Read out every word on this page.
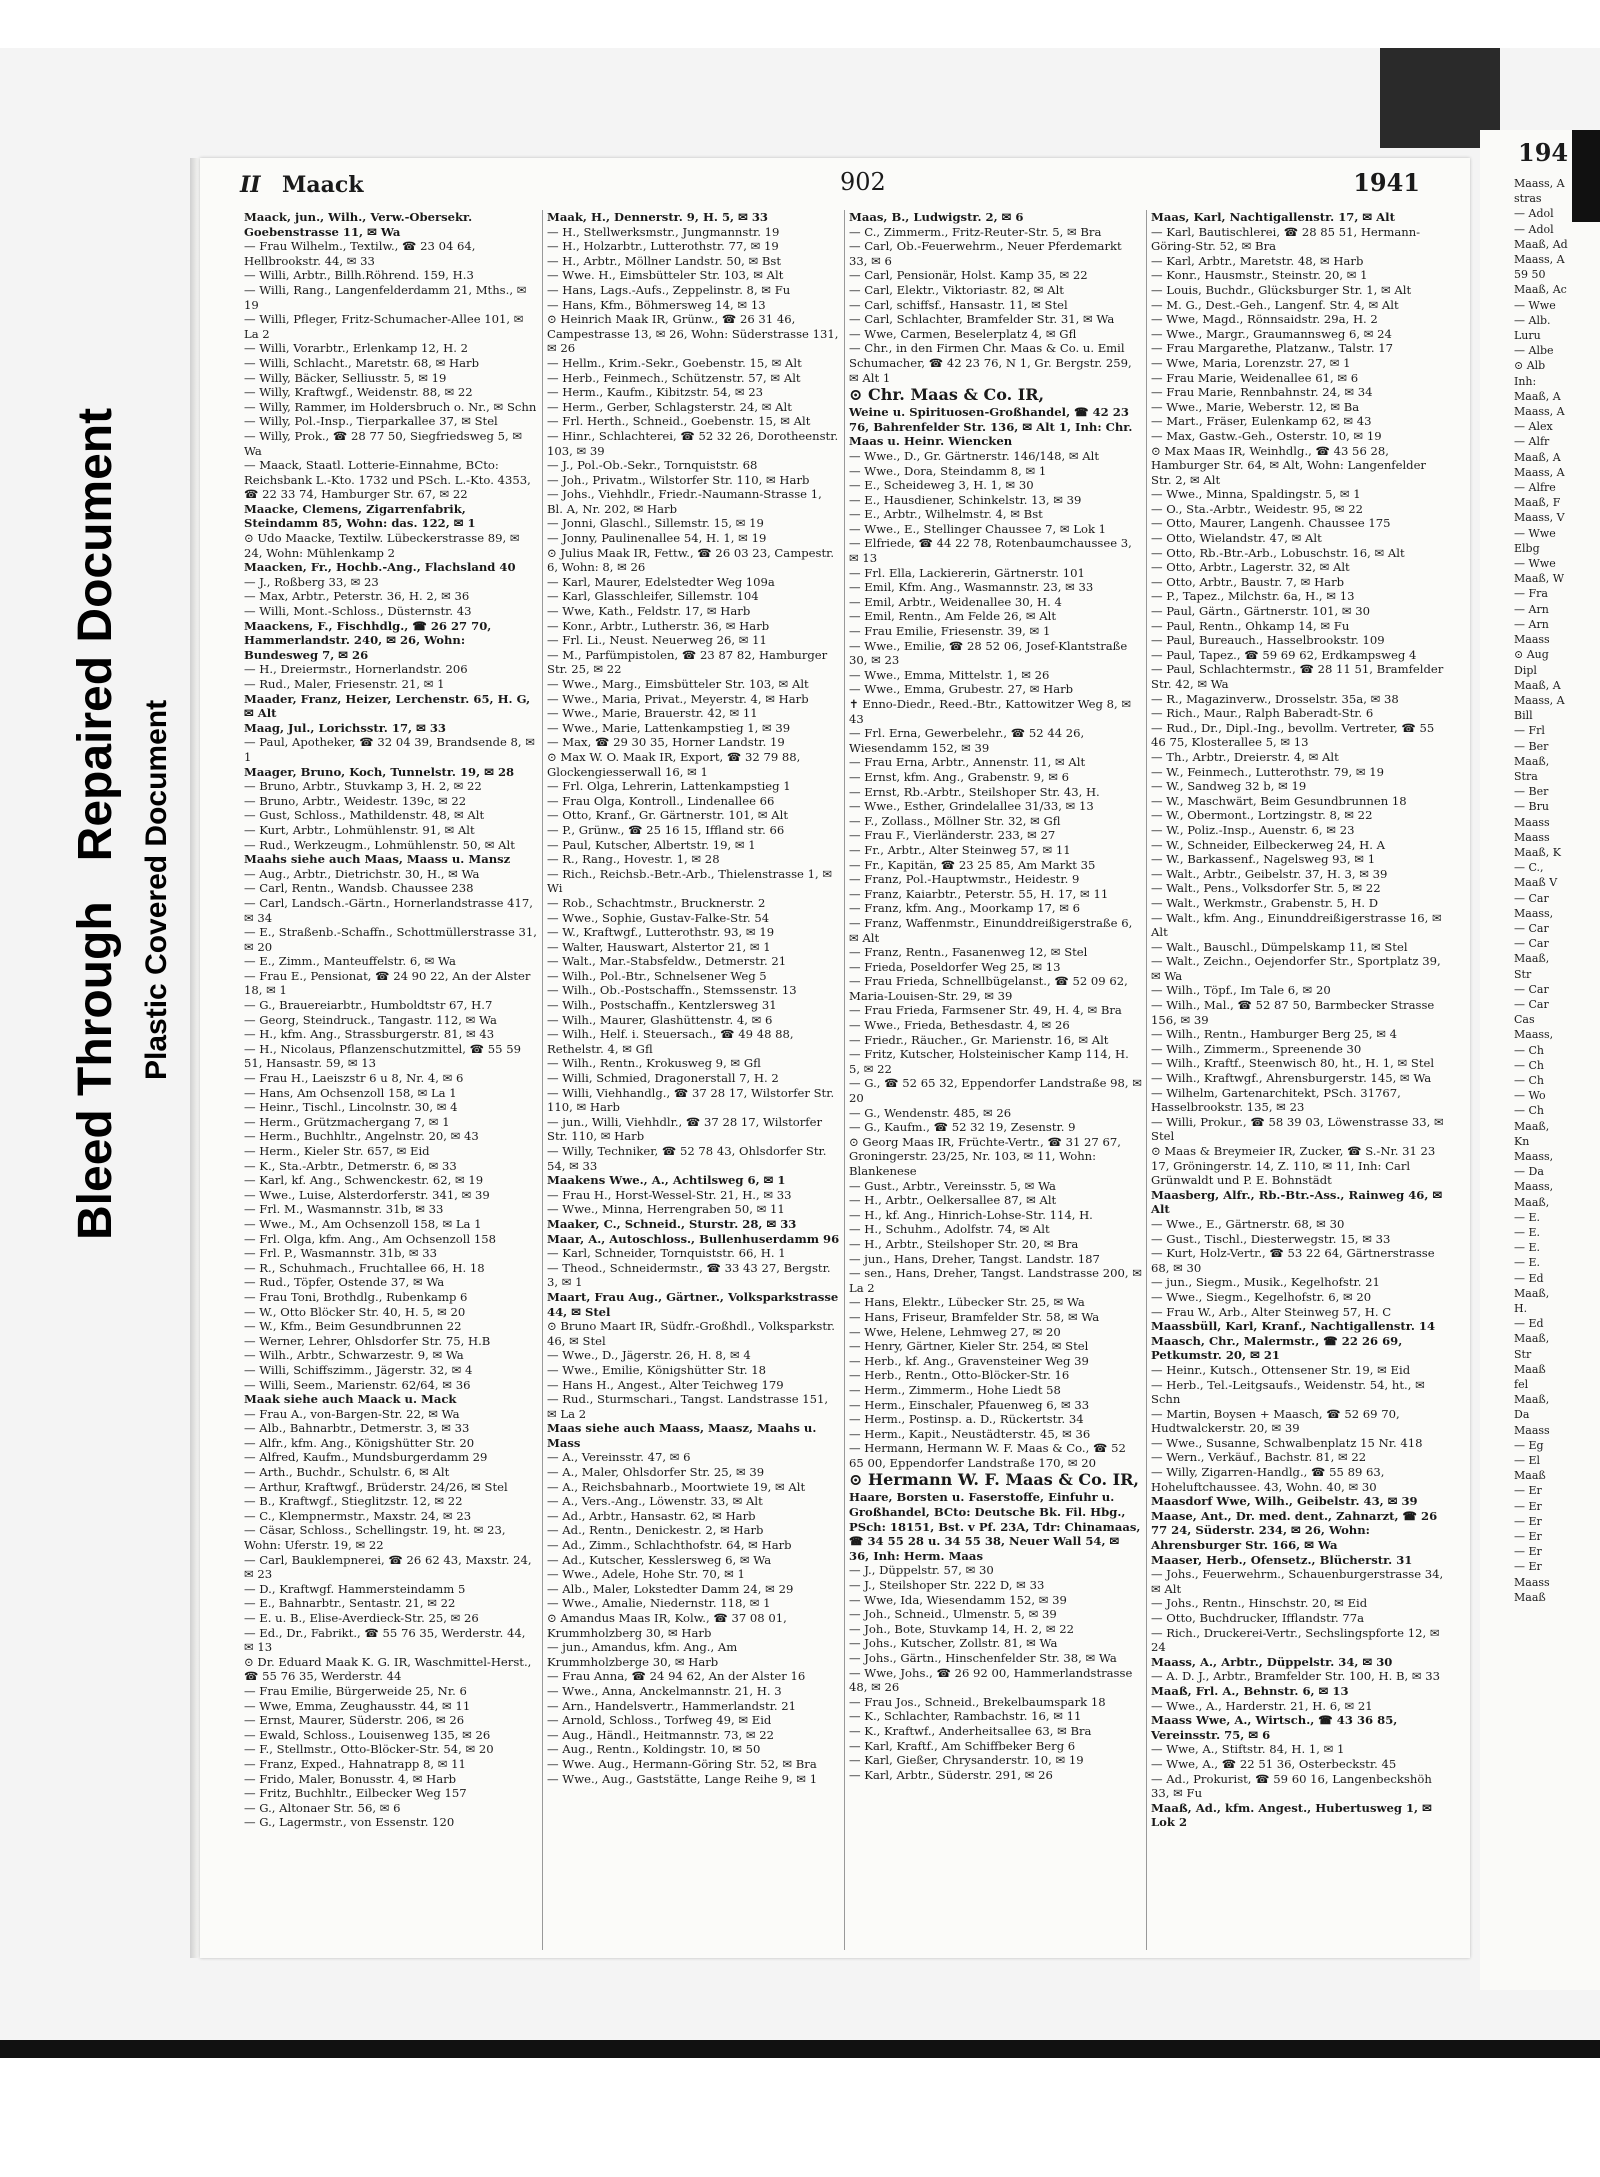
Bleed Through   Repaired Document
Plastic Covered Document
II Maack	902	1941

Maack, jun., Wilh., Verw.-Obersekr. Goebenstrasse 11, ✉ Wa

— Frau Wilhelm., Textilw., ☎ 23 04 64, Hellbrookstr. 44, ✉ 33

— Willi, Arbtr., Billh.Röhrend. 159, H.3

— Willi, Rang., Langenfelderdamm 21, Mths., ✉ 19

— Willi, Pfleger, Fritz-Schumacher-Allee 101, ✉ La 2

— Willi, Vorarbtr., Erlenkamp 12, H. 2

— Willi, Schlacht., Maretstr. 68, ✉ Harb

— Willy, Bäcker, Selliusstr. 5, ✉ 19

— Willy, Kraftwgf., Weidenstr. 88, ✉ 22

— Willy, Rammer, im Holdersbruch o. Nr., ✉ Schn

— Willy, Pol.-Insp., Tierparkallee 37, ✉ Stel

— Willy, Prok., ☎ 28 77 50, Siegfriedsweg 5, ✉ Wa

— Maack, Staatl. Lotterie-Einnahme, BCto: Reichsbank L.-Kto. 1732 und PSch. L.-Kto. 4353, ☎ 22 33 74, Hamburger Str. 67, ✉ 22

Maacke, Clemens, Zigarrenfabrik, Steindamm 85, Wohn: das. 122, ✉ 1

⊙ Udo Maacke, Textilw. Lübeckerstrasse 89, ✉ 24, Wohn: Mühlenkamp 2

Maacken, Fr., Hochb.-Ang., Flachsland 40

— J., Roßberg 33, ✉ 23

— Max, Arbtr., Peterstr. 36, H. 2, ✉ 36

— Willi, Mont.-Schloss., Düsternstr. 43

Maackens, F., Fischhdlg., ☎ 26 27 70, Hammerlandstr. 240, ✉ 26, Wohn: Bundesweg 7, ✉ 26

— H., Dreiermstr., Hornerlandstr. 206

— Rud., Maler, Friesenstr. 21, ✉ 1

Maader, Franz, Heizer, Lerchenstr. 65, H. G, ✉ Alt

Maag, Jul., Lorichsstr. 17, ✉ 33

— Paul, Apotheker, ☎ 32 04 39, Brandsende 8, ✉ 1

Maager, Bruno, Koch, Tunnelstr. 19, ✉ 28

— Bruno, Arbtr., Stuvkamp 3, H. 2, ✉ 22

— Bruno, Arbtr., Weidestr. 139c, ✉ 22

— Gust, Schloss., Mathildenstr. 48, ✉ Alt

— Kurt, Arbtr., Lohmühlenstr. 91, ✉ Alt

— Rud., Werkzeugm., Lohmühlenstr. 50, ✉ Alt

Maahs siehe auch Maas, Maass u. Mansz

— Aug., Arbtr., Dietrichstr. 30, H., ✉ Wa

— Carl, Rentn., Wandsb. Chaussee 238

— Carl, Landsch.-Gärtn., Hornerlandstrasse 417, ✉ 34

— E., Straßenb.-Schaffn., Schottmüllerstrasse 31, ✉ 20

— E., Zimm., Manteuffelstr. 6, ✉ Wa

— Frau E., Pensionat, ☎ 24 90 22, An der Alster 18, ✉ 1

— G., Brauereiarbtr., Humboldtstr 67, H.7

— Georg, Steindruck., Tangastr. 112, ✉ Wa

— H., kfm. Ang., Strassburgerstr. 81, ✉ 43

— H., Nicolaus, Pflanzenschutzmittel, ☎ 55 59 51, Hansastr. 59, ✉ 13

— Frau H., Laeiszstr 6 u 8, Nr. 4, ✉ 6

— Hans, Am Ochsenzoll 158, ✉ La 1

— Heinr., Tischl., Lincolnstr. 30, ✉ 4

— Herm., Grützmachergang 7, ✉ 1

— Herm., Buchhltr., Angelnstr. 20, ✉ 43

— Herm., Kieler Str. 657, ✉ Eid

— K., Sta.-Arbtr., Detmerstr. 6, ✉ 33

— Karl, kf. Ang., Schwenckestr. 62, ✉ 19

— Wwe., Luise, Alsterdorferstr. 341, ✉ 39

— Frl. M., Wasmannstr. 31b, ✉ 33

— Wwe., M., Am Ochsenzoll 158, ✉ La 1

— Frl. Olga, kfm. Ang., Am Ochsenzoll 158

— Frl. P., Wasmannstr. 31b, ✉ 33

— R., Schuhmach., Fruchtallee 66, H. 18

— Rud., Töpfer, Ostende 37, ✉ Wa

— Frau Toni, Brothdlg., Rubenkamp 6

— W., Otto Blöcker Str. 40, H. 5, ✉ 20

— W., Kfm., Beim Gesundbrunnen 22

— Werner, Lehrer, Ohlsdorfer Str. 75, H.B

— Wilh., Arbtr., Schwarzestr. 9, ✉ Wa

— Willi, Schiffszimm., Jägerstr. 32, ✉ 4

— Willi, Seem., Marienstr. 62/64, ✉ 36

Maak siehe auch Maack u. Mack

— Frau A., von-Bargen-Str. 22, ✉ Wa

— Alb., Bahnarbtr., Detmerstr. 3, ✉ 33

— Alfr., kfm. Ang., Königshütter Str. 20

— Alfred, Kaufm., Mundsburgerdamm 29

— Arth., Buchdr., Schulstr. 6, ✉ Alt

— Arthur, Kraftwgf., Brüderstr. 24/26, ✉ Stel

— B., Kraftwgf., Stieglitzstr. 12, ✉ 22

— C., Klempnermstr., Maxstr. 24, ✉ 23

— Cäsar, Schloss., Schellingstr. 19, ht. ✉ 23, Wohn: Uferstr. 19, ✉ 22

— Carl, Bauklempnerei, ☎ 26 62 43, Maxstr. 24, ✉ 23

— D., Kraftwgf. Hammersteindamm 5

— E., Bahnarbtr., Sentastr. 21, ✉ 22

— E. u. B., Elise-Averdieck-Str. 25, ✉ 26

— Ed., Dr., Fabrikt., ☎ 55 76 35, Werderstr. 44, ✉ 13

⊙ Dr. Eduard Maak K. G. IR, Waschmittel-Herst., ☎ 55 76 35, Werderstr. 44

— Frau Emilie, Bürgerweide 25, Nr. 6

— Wwe, Emma, Zeughausstr. 44, ✉ 11

— Ernst, Maurer, Süderstr. 206, ✉ 26

— Ewald, Schloss., Louisenweg 135, ✉ 26

— F., Stellmstr., Otto-Blöcker-Str. 54, ✉ 20

— Franz, Exped., Hahnatrapp 8, ✉ 11

— Frido, Maler, Bonusstr. 4, ✉ Harb

— Fritz, Buchhltr., Eilbecker Weg 157

— G., Altonaer Str. 56, ✉ 6

— G., Lagermstr., von Essenstr. 120

Maak, H., Dennerstr. 9, H. 5, ✉ 33

— H., Stellwerksmstr., Jungmannstr. 19

— H., Holzarbtr., Lutterothstr. 77, ✉ 19

— H., Arbtr., Möllner Landstr. 50, ✉ Bst

— Wwe. H., Eimsbütteler Str. 103, ✉ Alt

— Hans, Lags.-Aufs., Zeppelinstr. 8, ✉ Fu

— Hans, Kfm., Böhmersweg 14, ✉ 13

⊙ Heinrich Maak IR, Grünw., ☎ 26 31 46, Campestrasse 13, ✉ 26, Wohn: Süderstrasse 131, ✉ 26

— Hellm., Krim.-Sekr., Goebenstr. 15, ✉ Alt

— Herb., Feinmech., Schützenstr. 57, ✉ Alt

— Herm., Kaufm., Kibitzstr. 54, ✉ 23

— Herm., Gerber, Schlagsterstr. 24, ✉ Alt

— Frl. Herth., Schneid., Goebenstr. 15, ✉ Alt

— Hinr., Schlachterei, ☎ 52 32 26, Dorotheenstr. 103, ✉ 39

— J., Pol.-Ob.-Sekr., Tornquiststr. 68

— Joh., Privatm., Wilstorfer Str. 110, ✉ Harb

— Johs., Viehhdlr., Friedr.-Naumann-Strasse 1, Bl. A, Nr. 202, ✉ Harb

— Jonni, Glaschl., Sillemstr. 15, ✉ 19

— Jonny, Paulinenallee 54, H. 1, ✉ 19

⊙ Julius Maak IR, Fettw., ☎ 26 03 23, Campestr. 6, Wohn: 8, ✉ 26

— Karl, Maurer, Edelstedter Weg 109a

— Karl, Glasschleifer, Sillemstr. 104

— Wwe, Kath., Feldstr. 17, ✉ Harb

— Konr., Arbtr., Lutherstr. 36, ✉ Harb

— Frl. Li., Neust. Neuerweg 26, ✉ 11

— M., Parfümpistolen, ☎ 23 87 82, Hamburger Str. 25, ✉ 22

— Wwe., Marg., Eimsbütteler Str. 103, ✉ Alt

— Wwe., Maria, Privat., Meyerstr. 4, ✉ Harb

— Wwe., Marie, Brauerstr. 42, ✉ 11

— Wwe., Marie, Lattenkampstieg 1, ✉ 39

— Max, ☎ 29 30 35, Horner Landstr. 19

⊙ Max W. O. Maak IR, Export, ☎ 32 79 88, Glockengiesserwall 16, ✉ 1

— Frl. Olga, Lehrerin, Lattenkampstieg 1

— Frau Olga, Kontroll., Lindenallee 66

— Otto, Kranf., Gr. Gärtnerstr. 101, ✉ Alt

— P., Grünw., ☎ 25 16 15, Iffland str. 66

— Paul, Kutscher, Albertstr. 19, ✉ 1

— R., Rang., Hovestr. 1, ✉ 28

— Rich., Reichsb.-Betr.-Arb., Thielenstrasse 1, ✉ Wi

— Rob., Schachtmstr., Brucknerstr. 2

— Wwe., Sophie, Gustav-Falke-Str. 54

— W., Kraftwgf., Lutterothstr. 93, ✉ 19

— Walter, Hauswart, Alstertor 21, ✉ 1

— Walt., Mar.-Stabsfeldw., Detmerstr. 21

— Wilh., Pol.-Btr., Schnelsener Weg 5

— Wilh., Ob.-Postschaffn., Stemssenstr. 13

— Wilh., Postschaffn., Kentzlersweg 31

— Wilh., Maurer, Glashüttenstr. 4, ✉ 6

— Wilh., Helf. i. Steuersach., ☎ 49 48 88, Rethelstr. 4, ✉ Gfl

— Wilh., Rentn., Krokusweg 9, ✉ Gfl

— Willi, Schmied, Dragonerstall 7, H. 2

— Willi, Viehhandlg., ☎ 37 28 17, Wilstorfer Str. 110, ✉ Harb

— jun., Willi, Viehhdlr., ☎ 37 28 17, Wilstorfer Str. 110, ✉ Harb

— Willy, Techniker, ☎ 52 78 43, Ohlsdorfer Str. 54, ✉ 33

Maakens Wwe., A., Achtilsweg 6, ✉ 1

— Frau H., Horst-Wessel-Str. 21, H., ✉ 33

— Wwe., Minna, Herrengraben 50, ✉ 11

Maaker, C., Schneid., Sturstr. 28, ✉ 33

Maar, A., Autoschloss., Bullenhuserdamm 96

— Karl, Schneider, Tornquiststr. 66, H. 1

— Theod., Schneidermstr., ☎ 33 43 27, Bergstr. 3, ✉ 1

Maart, Frau Aug., Gärtner., Volksparkstrasse 44, ✉ Stel

⊙ Bruno Maart IR, Südfr.-Großhdl., Volksparkstr. 46, ✉ Stel

— Wwe., D., Jägerstr. 26, H. 8, ✉ 4

— Wwe., Emilie, Königshütter Str. 18

— Hans H., Angest., Alter Teichweg 179

— Rud., Sturmschari., Tangst. Landstrasse 151, ✉ La 2

Maas siehe auch Maass, Maasz, Maahs u. Mass

— A., Vereinsstr. 47, ✉ 6

— A., Maler, Ohlsdorfer Str. 25, ✉ 39

— A., Reichsbahnarb., Moortwiete 19, ✉ Alt

— A., Vers.-Ang., Löwenstr. 33, ✉ Alt

— Ad., Arbtr., Hansastr. 62, ✉ Harb

— Ad., Rentn., Denickestr. 2, ✉ Harb

— Ad., Zimm., Schlachthofstr. 64, ✉ Harb

— Ad., Kutscher, Kesslersweg 6, ✉ Wa

— Wwe., Adele, Hohe Str. 70, ✉ 1

— Alb., Maler, Lokstedter Damm 24, ✉ 29

— Wwe., Amalie, Niedernstr. 118, ✉ 1

⊙ Amandus Maas IR, Kolw., ☎ 37 08 01, Krummholzberg 30, ✉ Harb

— jun., Amandus, kfm. Ang., Am Krummholzberge 30, ✉ Harb

— Frau Anna, ☎ 24 94 62, An der Alster 16

— Wwe., Anna, Anckelmannstr. 21, H. 3

— Arn., Handelsvertr., Hammerlandstr. 21

— Arnold, Schloss., Torfweg 49, ✉ Eid

— Aug., Händl., Heitmannstr. 73, ✉ 22

— Aug., Rentn., Koldingstr. 10, ✉ 50

— Wwe. Aug., Hermann-Göring Str. 52, ✉ Bra

— Wwe., Aug., Gaststätte, Lange Reihe 9, ✉ 1

Maas, B., Ludwigstr. 2, ✉ 6

— C., Zimmerm., Fritz-Reuter-Str. 5, ✉ Bra

— Carl, Ob.-Feuerwehrm., Neuer Pferdemarkt 33, ✉ 6

— Carl, Pensionär, Holst. Kamp 35, ✉ 22

— Carl, Elektr., Viktoriastr. 82, ✉ Alt

— Carl, schiffsf., Hansastr. 11, ✉ Stel

— Carl, Schlachter, Bramfelder Str. 31, ✉ Wa

— Wwe, Carmen, Beselerplatz 4, ✉ Gfl

— Chr., in den Firmen Chr. Maas & Co. u. Emil Schumacher, ☎ 42 23 76, N 1, Gr. Bergstr. 259, ✉ Alt 1

⊙ Chr. Maas & Co. IR,

Weine u. Spirituosen-Großhandel, ☎ 42 23 76, Bahrenfelder Str. 136, ✉ Alt 1, Inh: Chr. Maas u. Heinr. Wiencken

— Wwe., D., Gr. Gärtnerstr. 146/148, ✉ Alt

— Wwe., Dora, Steindamm 8, ✉ 1

— E., Scheideweg 3, H. 1, ✉ 30

— E., Hausdiener, Schinkelstr. 13, ✉ 39

— E., Arbtr., Wilhelmstr. 4, ✉ Bst

— Wwe., E., Stellinger Chaussee 7, ✉ Lok 1

— Elfriede, ☎ 44 22 78, Rotenbaumchaussee 3, ✉ 13

— Frl. Ella, Lackiererin, Gärtnerstr. 101

— Emil, Kfm. Ang., Wasmannstr. 23, ✉ 33

— Emil, Arbtr., Weidenallee 30, H. 4

— Emil, Rentn., Am Felde 26, ✉ Alt

— Frau Emilie, Friesenstr. 39, ✉ 1

— Wwe., Emilie, ☎ 28 52 06, Josef-Klantstraße 30, ✉ 23

— Wwe., Emma, Mittelstr. 1, ✉ 26

— Wwe., Emma, Grubestr. 27, ✉ Harb

✝ Enno-Diedr., Reed.-Btr., Kattowitzer Weg 8, ✉ 43

— Frl. Erna, Gewerbelehr., ☎ 52 44 26, Wiesendamm 152, ✉ 39

— Frau Erna, Arbtr., Annenstr. 11, ✉ Alt

— Ernst, kfm. Ang., Grabenstr. 9, ✉ 6

— Ernst, Rb.-Arbtr., Steilshoper Str. 43, H.

— Wwe., Esther, Grindelallee 31/33, ✉ 13

— F., Zollass., Möllner Str. 32, ✉ Gfl

— Frau F., Vierländerstr. 233, ✉ 27

— Fr., Arbtr., Alter Steinweg 57, ✉ 11

— Fr., Kapitän, ☎ 23 25 85, Am Markt 35

— Franz, Pol.-Hauptwmstr., Heidestr. 9

— Franz, Kaiarbtr., Peterstr. 55, H. 17, ✉ 11

— Franz, kfm. Ang., Moorkamp 17, ✉ 6

— Franz, Waffenmstr., Einunddreißigerstraße 6, ✉ Alt

— Franz, Rentn., Fasanenweg 12, ✉ Stel

— Frieda, Poseldorfer Weg 25, ✉ 13

— Frau Frieda, Schnellbügelanst., ☎ 52 09 62, Maria-Louisen-Str. 29, ✉ 39

— Frau Frieda, Farmsener Str. 49, H. 4, ✉ Bra

— Wwe., Frieda, Bethesdastr. 4, ✉ 26

— Friedr., Räucher., Gr. Marienstr. 16, ✉ Alt

— Fritz, Kutscher, Holsteinischer Kamp 114, H. 5, ✉ 22

— G., ☎ 52 65 32, Eppendorfer Landstraße 98, ✉ 20

— G., Wendenstr. 485, ✉ 26

— G., Kaufm., ☎ 52 32 19, Zesenstr. 9

⊙ Georg Maas IR, Früchte-Vertr., ☎ 31 27 67, Groningerstr. 23/25, Nr. 103, ✉ 11, Wohn: Blankenese

— Gust., Arbtr., Vereinsstr. 5, ✉ Wa

— H., Arbtr., Oelkersallee 87, ✉ Alt

— H., kf. Ang., Hinrich-Lohse-Str. 114, H.

— H., Schuhm., Adolfstr. 74, ✉ Alt

— H., Arbtr., Steilshoper Str. 20, ✉ Bra

— jun., Hans, Dreher, Tangst. Landstr. 187

— sen., Hans, Dreher, Tangst. Landstrasse 200, ✉ La 2

— Hans, Elektr., Lübecker Str. 25, ✉ Wa

— Hans, Friseur, Bramfelder Str. 58, ✉ Wa

— Wwe, Helene, Lehmweg 27, ✉ 20

— Henry, Gärtner, Kieler Str. 254, ✉ Stel

— Herb., kf. Ang., Gravensteiner Weg 39

— Herb., Rentn., Otto-Blöcker-Str. 16

— Herm., Zimmerm., Hohe Liedt 58

— Herm., Einschaler, Pfauenweg 6, ✉ 33

— Herm., Postinsp. a. D., Rückertstr. 34

— Herm., Kapit., Neustädterstr. 45, ✉ 36

— Hermann, Hermann W. F. Maas & Co., ☎ 52 65 00, Eppendorfer Landstraße 170, ✉ 20

⊙ Hermann W. F. Maas & Co. IR,

Haare, Borsten u. Faserstoffe, Einfuhr u. Großhandel, BCto: Deutsche Bk. Fil. Hbg., PSch: 18151, Bst. v Pf. 23A, Tdr: Chinamaas, ☎ 34 55 28 u. 34 55 38, Neuer Wall 54, ✉ 36, Inh: Herm. Maas

— J., Düppelstr. 57, ✉ 30

— J., Steilshoper Str. 222 D, ✉ 33

— Wwe, Ida, Wiesendamm 152, ✉ 39

— Joh., Schneid., Ulmenstr. 5, ✉ 39

— Joh., Bote, Stuvkamp 14, H. 2, ✉ 22

— Johs., Kutscher, Zollstr. 81, ✉ Wa

— Johs., Gärtn., Hinschenfelder Str. 38, ✉ Wa

— Wwe, Johs., ☎ 26 92 00, Hammerlandstrasse 48, ✉ 26

— Frau Jos., Schneid., Brekelbaumspark 18

— K., Schlachter, Rambachstr. 16, ✉ 11

— K., Kraftwf., Anderheitsallee 63, ✉ Bra

— Karl, Kraftf., Am Schiffbeker Berg 6

— Karl, Gießer, Chrysanderstr. 10, ✉ 19

— Karl, Arbtr., Süderstr. 291, ✉ 26

Maas, Karl, Nachtigallenstr. 17, ✉ Alt

— Karl, Bautischlerei, ☎ 28 85 51, Hermann-Göring-Str. 52, ✉ Bra

— Karl, Arbtr., Maretstr. 48, ✉ Harb

— Konr., Hausmstr., Steinstr. 20, ✉ 1

— Louis, Buchdr., Glücksburger Str. 1, ✉ Alt

— M. G., Dest.-Geh., Langenf. Str. 4, ✉ Alt

— Wwe, Magd., Rönnsaidstr. 29a, H. 2

— Wwe., Margr., Graumannsweg 6, ✉ 24

— Frau Margarethe, Platzanw., Talstr. 17

— Wwe, Maria, Lorenzstr. 27, ✉ 1

— Frau Marie, Weidenallee 61, ✉ 6

— Frau Marie, Rennbahnstr. 24, ✉ 34

— Wwe., Marie, Weberstr. 12, ✉ Ba

— Mart., Fräser, Eulenkamp 62, ✉ 43

— Max, Gastw.-Geh., Osterstr. 10, ✉ 19

⊙ Max Maas IR, Weinhdlg., ☎ 43 56 28, Hamburger Str. 64, ✉ Alt, Wohn: Langenfelder Str. 2, ✉ Alt

— Wwe., Minna, Spaldingstr. 5, ✉ 1

— O., Sta.-Arbtr., Weidestr. 95, ✉ 22

— Otto, Maurer, Langenh. Chaussee 175

— Otto, Wielandstr. 47, ✉ Alt

— Otto, Rb.-Btr.-Arb., Lobuschstr. 16, ✉ Alt

— Otto, Arbtr., Lagerstr. 32, ✉ Alt

— Otto, Arbtr., Baustr. 7, ✉ Harb

— P., Tapez., Milchstr. 6a, H., ✉ 13

— Paul, Gärtn., Gärtnerstr. 101, ✉ 30

— Paul, Rentn., Ohkamp 14, ✉ Fu

— Paul, Bureauch., Hasselbrookstr. 109

— Paul, Tapez., ☎ 59 69 62, Erdkampsweg 4

— Paul, Schlachtermstr., ☎ 28 11 51, Bramfelder Str. 42, ✉ Wa

— R., Magazinverw., Drosselstr. 35a, ✉ 38

— Rich., Maur., Ralph Baberadt-Str. 6

— Rud., Dr., Dipl.-Ing., bevollm. Vertreter, ☎ 55 46 75, Klosterallee 5, ✉ 13

— Th., Arbtr., Dreierstr. 4, ✉ Alt

— W., Feinmech., Lutterothstr. 79, ✉ 19

— W., Sandweg 32 b, ✉ 19

— W., Maschwärt, Beim Gesundbrunnen 18

— W., Obermont., Lortzingstr. 8, ✉ 22

— W., Poliz.-Insp., Auenstr. 6, ✉ 23

— W., Schneider, Eilbeckerweg 24, H. A

— W., Barkassenf., Nagelsweg 93, ✉ 1

— Walt., Arbtr., Geibelstr. 37, H. 3, ✉ 39

— Walt., Pens., Volksdorfer Str. 5, ✉ 22

— Walt., Werkmstr., Grabenstr. 5, H. D

— Walt., kfm. Ang., Einunddreißigerstrasse 16, ✉ Alt

— Walt., Bauschl., Dümpelskamp 11, ✉ Stel

— Walt., Zeichn., Oejendorfer Str., Sportplatz 39, ✉ Wa

— Wilh., Töpf., Im Tale 6, ✉ 20

— Wilh., Mal., ☎ 52 87 50, Barmbecker Strasse 156, ✉ 39

— Wilh., Rentn., Hamburger Berg 25, ✉ 4

— Wilh., Zimmerm., Spreenende 30

— Wilh., Kraftf., Steenwisch 80, ht., H. 1, ✉ Stel

— Wilh., Kraftwgf., Ahrensburgerstr. 145, ✉ Wa

— Wilhelm, Gartenarchitekt, PSch. 31767, Hasselbrookstr. 135, ✉ 23

— Willi, Prokur., ☎ 58 39 03, Löwenstrasse 33, ✉ Stel

⊙ Maas & Breymeier IR, Zucker, ☎ S.-Nr. 31 23 17, Gröningerstr. 14, Z. 110, ✉ 11, Inh: Carl Grünwaldt und P. E. Bohnstädt

Maasberg, Alfr., Rb.-Btr.-Ass., Rainweg 46, ✉ Alt

— Wwe., E., Gärtnerstr. 68, ✉ 30

— Gust., Tischl., Diesterwegstr. 15, ✉ 33

— Kurt, Holz-Vertr., ☎ 53 22 64, Gärtnerstrasse 68, ✉ 30

— jun., Siegm., Musik., Kegelhofstr. 21

— Wwe., Siegm., Kegelhofstr. 6, ✉ 20

— Frau W., Arb., Alter Steinweg 57, H. C

Maassbüll, Karl, Kranf., Nachtigallenstr. 14

Maasch, Chr., Malermstr., ☎ 22 26 69, Petkumstr. 20, ✉ 21

— Heinr., Kutsch., Ottensener Str. 19, ✉ Eid

— Herb., Tel.-Leitgsaufs., Weidenstr. 54, ht., ✉ Schn

— Martin, Boysen + Maasch, ☎ 52 69 70, Hudtwalckerstr. 20, ✉ 39

— Wwe., Susanne, Schwalbenplatz 15 Nr. 418

— Wern., Verkäuf., Bachstr. 81, ✉ 22

— Willy, Zigarren-Handlg., ☎ 55 89 63, Hoheluftchaussee. 43, Wohn. 40, ✉ 30

Maasdorf Wwe, Wilh., Geibelstr. 43, ✉ 39

Maase, Ant., Dr. med. dent., Zahnarzt, ☎ 26 77 24, Süderstr. 234, ✉ 26, Wohn: Ahrensburger Str. 166, ✉ Wa

Maaser, Herb., Ofensetz., Blücherstr. 31

— Johs., Feuerwehrm., Schauenburgerstrasse 34, ✉ Alt

— Johs., Rentn., Hinschstr. 20, ✉ Eid

— Otto, Buchdrucker, Ifflandstr. 77a

— Rich., Druckerei-Vertr., Sechslingspforte 12, ✉ 24

Maass, A., Arbtr., Düppelstr. 34, ✉ 30

— A. D. J., Arbtr., Bramfelder Str. 100, H. B, ✉ 33

Maaß, Frl. A., Behnstr. 6, ✉ 13

— Wwe., A., Harderstr. 21, H. 6, ✉ 21

Maass Wwe, A., Wirtsch., ☎ 43 36 85, Vereinsstr. 75, ✉ 6

— Wwe, A., Stiftstr. 84, H. 1, ✉ 1

— Wwe, A., ☎ 22 51 36, Osterbeckstr. 45

— Ad., Prokurist, ☎ 59 60 16, Langenbeckshöh 33, ✉ Fu

Maaß, Ad., kfm. Angest., Hubertusweg 1, ✉ Lok 2

194
Maass, A
stras
— Adol
— Adol
Maaß, Ad
Maass, A
59 50
Maaß, Ac
— Wwe
— Alb.
Luru
— Albe
⊙ Alb
Inh:
Maaß, A
Maass, A
— Alex
— Alfr
Maaß, A
Maass, A
— Alfre
Maaß, F
Maass, V
— Wwe
Elbg
— Wwe
Maaß, W
— Fra
— Arn
— Arn
Maass
⊙ Aug
Dipl
Maaß, A
Maass, A
Bill
— Frl
— Ber
Maaß,
Stra
— Ber
— Bru
Maass
Maass
Maaß, K
— C.,
Maaß V
— Car
Maass,
— Car
— Car
Maaß,
Str
— Car
— Car
Cas
Maass,
— Ch
— Ch
— Ch
— Wo
— Ch
Maaß,
Kn
Maass,
— Da
Maass,
Maaß,
— E.
— E.
— E.
— E.
— Ed
Maaß,
H.
— Ed
Maaß,
Str
Maaß
fel
Maaß,
Da
Maass
— Eg
— El
Maaß
— Er
— Er
— Er
— Er
— Er
— Er
Maass
Maaß
